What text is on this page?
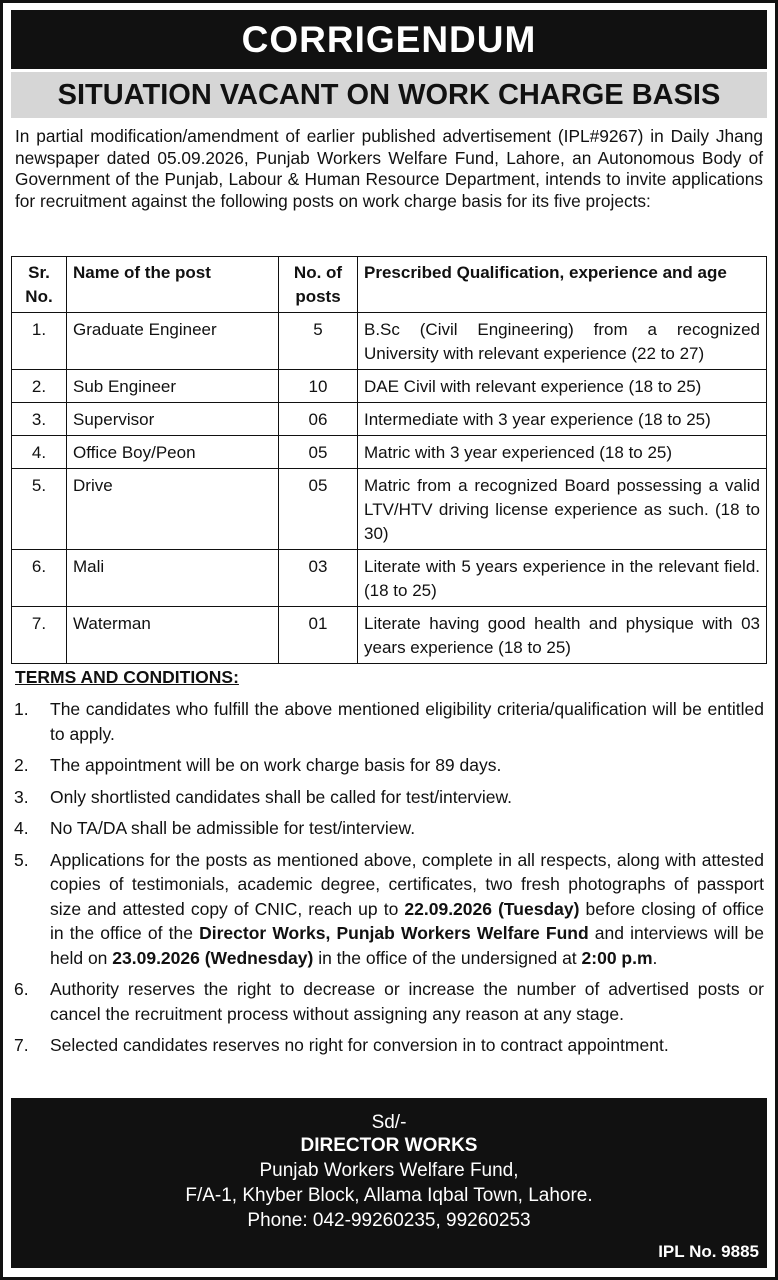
CORRIGENDUM
SITUATION VACANT ON WORK CHARGE BASIS

In partial modification/amendment of earlier published advertisement (IPL#9267) in Daily Jhang newspaper dated 05.09.2026, Punjab Workers Welfare Fund, Lahore, an Autonomous Body of Government of the Punjab, Labour & Human Resource Department, intends to invite applications for recruitment against the following posts on work charge basis for its five projects:

Sr. No.	Name of the post	No. of posts	Prescribed Qualification, experience and age
1.	Graduate Engineer	5	B.Sc (Civil Engineering) from a recognized University with relevant experience (22 to 27)
2.	Sub Engineer	10	DAE Civil with relevant experience (18 to 25)
3.	Supervisor	06	Intermediate with 3 year experience (18 to 25)
4.	Office Boy/Peon	05	Matric with 3 year experienced (18 to 25)
5.	Drive	05	Matric from a recognized Board possessing a valid LTV/HTV driving license experience as such. (18 to 30)
6.	Mali	03	Literate with 5 years experience in the relevant field. (18 to 25)
7.	Waterman	01	Literate having good health and physique with 03 years experience (18 to 25)
TERMS AND CONDITIONS:
1.	The candidates who fulfill the above mentioned eligibility criteria/qualification will be entitled to apply.
2.	The appointment will be on work charge basis for 89 days.
3.	Only shortlisted candidates shall be called for test/interview.
4.	No TA/DA shall be admissible for test/interview.
5.	Applications for the posts as mentioned above, complete in all respects, along with attested copies of testimonials, academic degree, certificates, two fresh photographs of passport size and attested copy of CNIC, reach up to 22.09.2026 (Tuesday) before closing of office in the office of the Director Works, Punjab Workers Welfare Fund and interviews will be held on 23.09.2026 (Wednesday) in the office of the undersigned at 2:00 p.m.
6.	Authority reserves the right to decrease or increase the number of advertised posts or cancel the recruitment process without assigning any reason at any stage.
7.	Selected candidates reserves no right for conversion in to contract appointment.
Sd/-
DIRECTOR WORKS
Punjab Workers Welfare Fund,
F/A-1, Khyber Block, Allama Iqbal Town, Lahore.
Phone: 042-99260235, 99260253
IPL No. 9885
